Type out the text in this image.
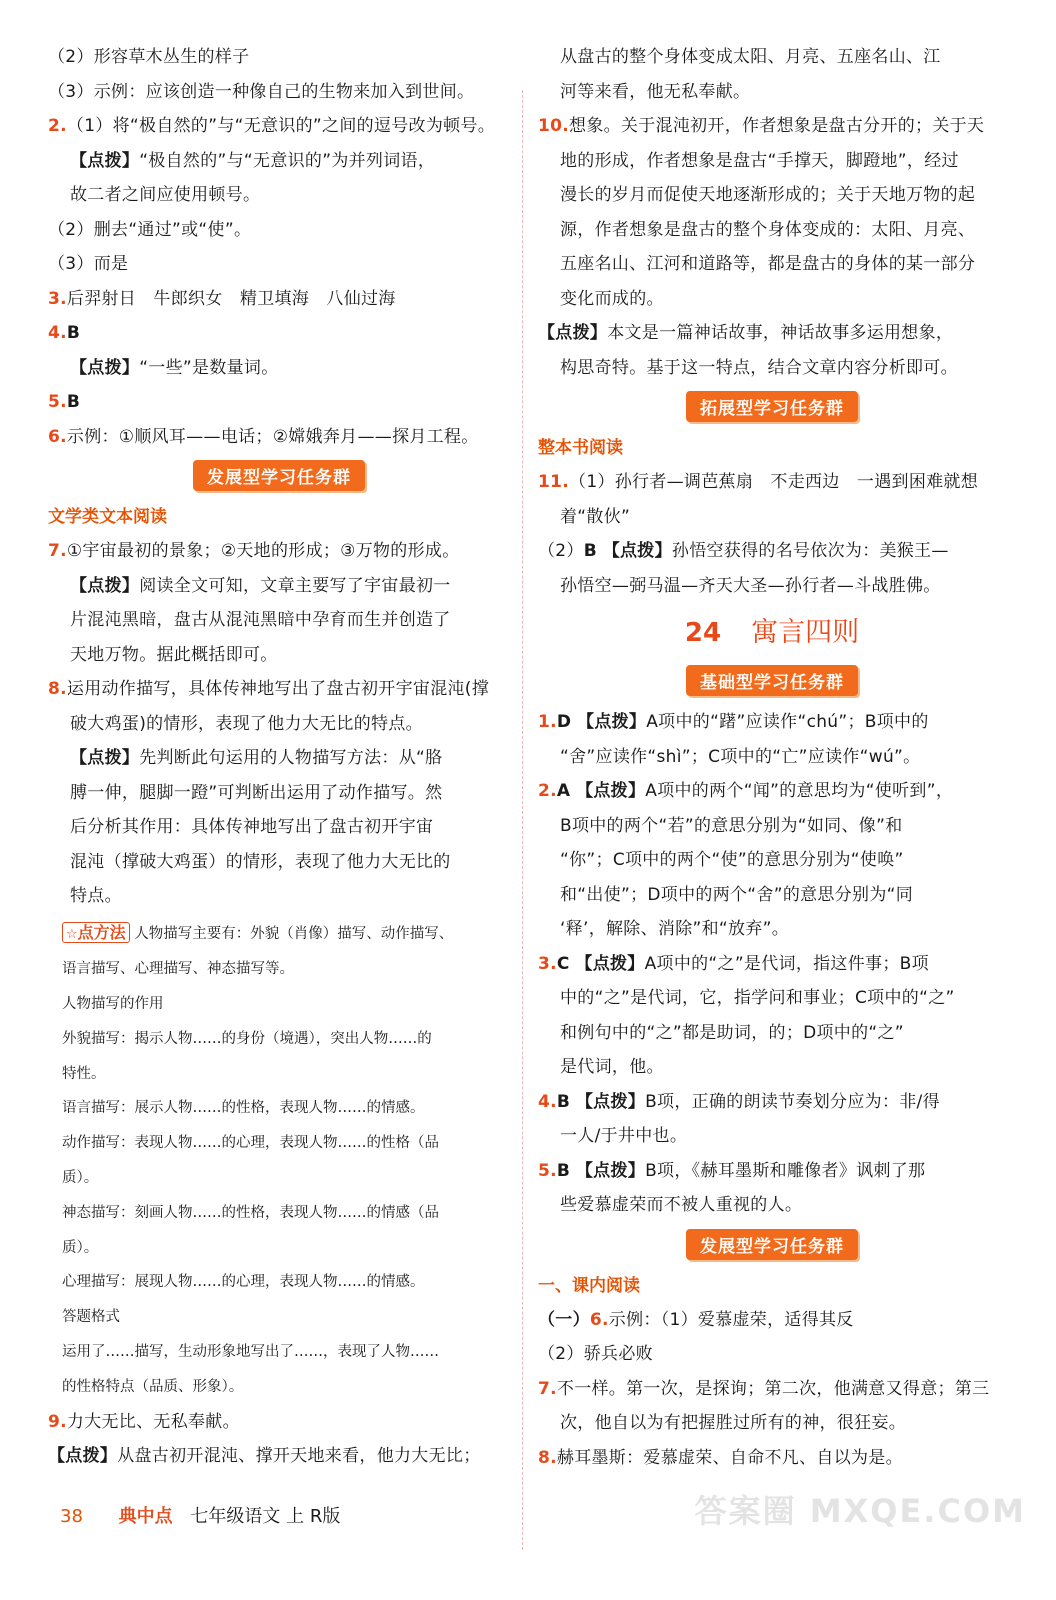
（2）形容草木丛生的样子
（3）示例：应该创造一种像自己的生物来加入到世间。
2.（1）将“极自然的”与“无意识的”之间的逗号改为顿号。
【点拨】“极自然的”与“无意识的”为并列词语，
故二者之间应使用顿号。
（2）删去“通过”或“使”。
（3）而是
3.后羿射日　牛郎织女　精卫填海　八仙过海
4.B
【点拨】“一些”是数量词。
5.B
6.示例：①顺风耳——电话；②嫦娥奔月——探月工程。
发展型学习任务群
文学类文本阅读
7.①宇宙最初的景象；②天地的形成；③万物的形成。
【点拨】阅读全文可知，文章主要写了宇宙最初一
片混沌黑暗，盘古从混沌黑暗中孕育而生并创造了
天地万物。据此概括即可。
8.运用动作描写，具体传神地写出了盘古初开宇宙混沌(撑
破大鸡蛋)的情形，表现了他力大无比的特点。
【点拨】先判断此句运用的人物描写方法：从“胳
膊一伸，腿脚一蹬”可判断出运用了动作描写。然
后分析其作用：具体传神地写出了盘古初开宇宙
混沌（撑破大鸡蛋）的情形，表现了他力大无比的
特点。
☆点方法 人物描写主要有：外貌（肖像）描写、动作描写、
语言描写、心理描写、神态描写等。
人物描写的作用
外貌描写：揭示人物……的身份（境遇），突出人物……的
特性。
语言描写：展示人物……的性格，表现人物……的情感。
动作描写：表现人物……的心理，表现人物……的性格（品
质）。
神态描写：刻画人物……的性格，表现人物……的情感（品
质）。
心理描写：展现人物……的心理，表现人物……的情感。
答题格式
运用了……描写，生动形象地写出了……，表现了人物……
的性格特点（品质、形象）。
9.力大无比、无私奉献。
【点拨】从盘古初开混沌、撑开天地来看，他力大无比；
从盘古的整个身体变成太阳、月亮、五座名山、江
河等来看，他无私奉献。
10.想象。关于混沌初开，作者想象是盘古分开的；关于天
地的形成，作者想象是盘古“手撑天，脚蹬地”，经过
漫长的岁月而促使天地逐渐形成的；关于天地万物的起
源，作者想象是盘古的整个身体变成的：太阳、月亮、
五座名山、江河和道路等，都是盘古的身体的某一部分
变化而成的。
【点拨】本文是一篇神话故事，神话故事多运用想象，
构思奇特。基于这一特点，结合文章内容分析即可。
拓展型学习任务群
整本书阅读
11.（1）孙行者—调芭蕉扇　不走西边　一遇到困难就想
着“散伙”
（2）B 【点拨】孙悟空获得的名号依次为：美猴王—
孙悟空—弼马温—齐天大圣—孙行者—斗战胜佛。
24 寓言四则
基础型学习任务群
1.D 【点拨】A项中的“躇”应读作“chú”；B项中的
“舍”应读作“shì”；C项中的“亡”应读作“wú”。
2.A 【点拨】A项中的两个“闻”的意思均为“使听到”，
B项中的两个“若”的意思分别为“如同、像”和
“你”；C项中的两个“使”的意思分别为“使唤”
和“出使”；D项中的两个“舍”的意思分别为“同
‘释’，解除、消除”和“放弃”。
3.C 【点拨】A项中的“之”是代词，指这件事；B项
中的“之”是代词，它，指学问和事业；C项中的“之”
和例句中的“之”都是助词，的；D项中的“之”
是代词，他。
4.B 【点拨】B项，正确的朗读节奏划分应为：非/得
一人/于井中也。
5.B 【点拨】B项，《赫耳墨斯和雕像者》讽刺了那
些爱慕虚荣而不被人重视的人。
发展型学习任务群
一、课内阅读
（一）6.示例：（1）爱慕虚荣，适得其反
（2）骄兵必败
7.不一样。第一次，是探询；第二次，他满意又得意；第三
次，他自以为有把握胜过所有的神，很狂妄。
8.赫耳墨斯：爱慕虚荣、自命不凡、自以为是。
38 典中点 七年级语文 上 R版	答案圈 MXQE.COM
